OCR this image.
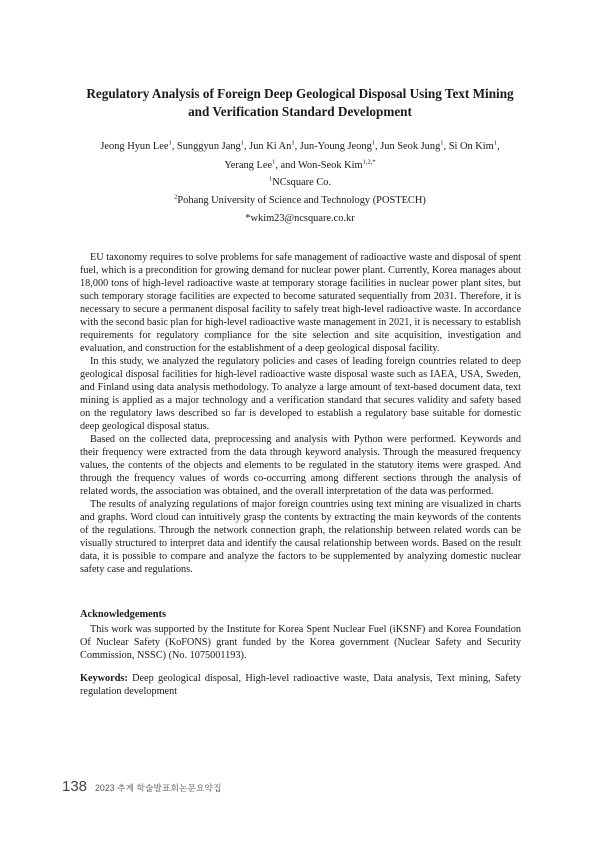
Regulatory Analysis of Foreign Deep Geological Disposal Using Text Mining
and Verification Standard Development
Jeong Hyun Lee$^1$, Sunggyun Jang$^1$, Jun Ki An$^1$, Jun-Young Jeong$^1$, Jun Seok Jung$^1$, Si On Kim$^1$,
Yerang Lee$^1$, and Won-Seok Kim$^{1,2,*}$
$^1$NCsquare Co.
$^2$Pohang University of Science and Technology (POSTECH)
*wkim23@ncsquare.co.kr

EU taxonomy requires to solve problems for safe management of radioactive waste and disposal of spent fuel, which is a precondition for growing demand for nuclear power plant. Currently, Korea manages about 18,000 tons of high-level radioactive waste at temporary storage facilities in nuclear power plant sites, but such temporary storage facilities are expected to become saturated sequentially from 2031. Therefore, it is necessary to secure a permanent disposal facility to safely treat high-level radioactive waste. In accordance with the second basic plan for high-level radioactive waste management in 2021, it is necessary to establish requirements for regulatory compliance for the site selection and site acquisition, investigation and evaluation, and construction for the establishment of a deep geological disposal facility.

In this study, we analyzed the regulatory policies and cases of leading foreign countries related to deep geological disposal facilities for high-level radioactive waste disposal waste such as IAEA, USA, Sweden, and Finland using data analysis methodology. To analyze a large amount of text-based document data, text mining is applied as a major technology and a verification standard that secures validity and safety based on the regulatory laws described so far is developed to establish a regulatory base suitable for domestic deep geological disposal status.

Based on the collected data, preprocessing and analysis with Python were performed. Keywords and their frequency were extracted from the data through keyword analysis. Through the measured frequency values, the contents of the objects and elements to be regulated in the statutory items were grasped. And through the frequency values of words co-occurring among different sections through the analysis of related words, the association was obtained, and the overall interpretation of the data was performed.

The results of analyzing regulations of major foreign countries using text mining are visualized in charts and graphs. Word cloud can intuitively grasp the contents by extracting the main keywords of the contents of the regulations. Through the network connection graph, the relationship between related words can be visually structured to interpret data and identify the causal relationship between words. Based on the result data, it is possible to compare and analyze the factors to be supplemented by analyzing domestic nuclear safety case and regulations.

Acknowledgements
This work was supported by the Institute for Korea Spent Nuclear Fuel (iKSNF) and Korea Foundation Of Nuclear Safety (KoFONS) grant funded by the Korea government (Nuclear Safety and Security Commission, NSSC) (No. 1075001193).
Keywords: Deep geological disposal, High-level radioactive waste, Data analysis, Text mining, Safety regulation development
138 2023 추계 학술발표회논문요약집
